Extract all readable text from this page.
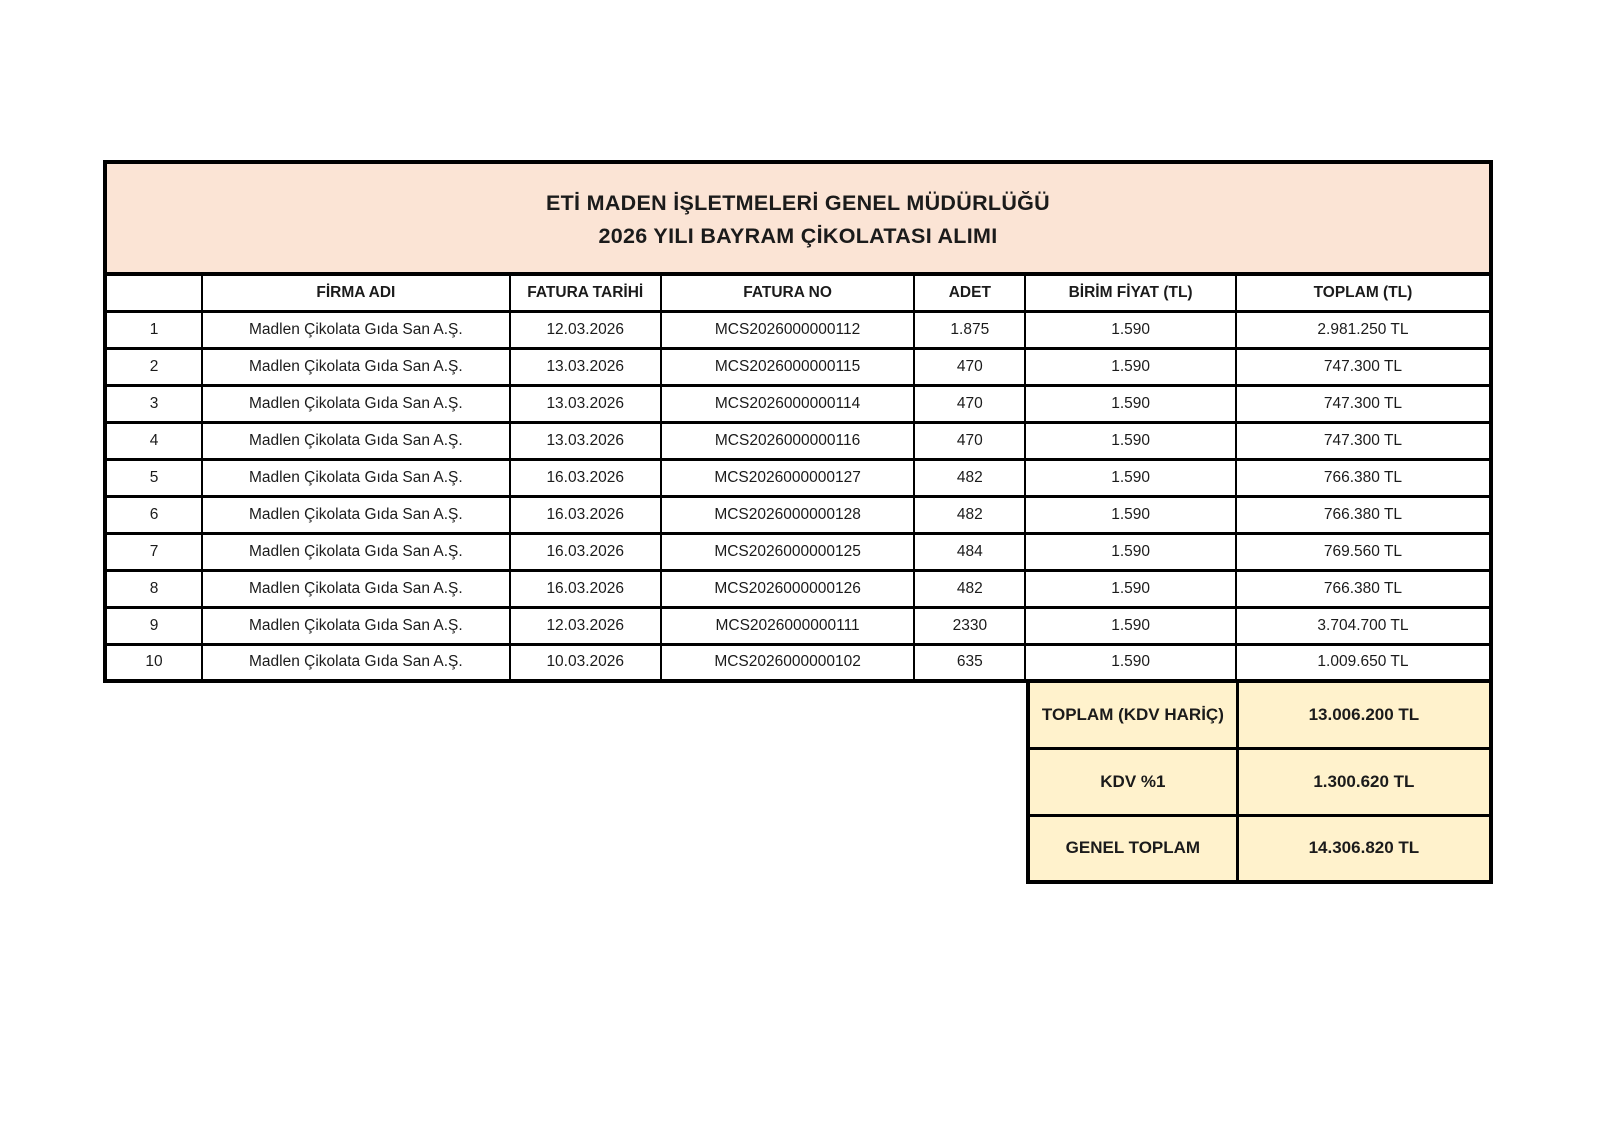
ETİ MADEN İŞLETMELERİ GENEL MÜDÜRLÜĞÜ
2026 YILI BAYRAM ÇİKOLATASI ALIMI
	FİRMA ADI	FATURA TARİHİ	FATURA NO	ADET	BİRİM FİYAT (TL)	TOPLAM (TL)
1	Madlen Çikolata Gıda San A.Ş.	12.03.2026	MCS2026000000112	1.875	1.590	2.981.250 TL
2	Madlen Çikolata Gıda San A.Ş.	13.03.2026	MCS2026000000115	470	1.590	747.300 TL
3	Madlen Çikolata Gıda San A.Ş.	13.03.2026	MCS2026000000114	470	1.590	747.300 TL
4	Madlen Çikolata Gıda San A.Ş.	13.03.2026	MCS2026000000116	470	1.590	747.300 TL
5	Madlen Çikolata Gıda San A.Ş.	16.03.2026	MCS2026000000127	482	1.590	766.380 TL
6	Madlen Çikolata Gıda San A.Ş.	16.03.2026	MCS2026000000128	482	1.590	766.380 TL
7	Madlen Çikolata Gıda San A.Ş.	16.03.2026	MCS2026000000125	484	1.590	769.560 TL
8	Madlen Çikolata Gıda San A.Ş.	16.03.2026	MCS2026000000126	482	1.590	766.380 TL
9	Madlen Çikolata Gıda San A.Ş.	12.03.2026	MCS2026000000111	2330	1.590	3.704.700 TL
10	Madlen Çikolata Gıda San A.Ş.	10.03.2026	MCS2026000000102	635	1.590	1.009.650 TL
TOPLAM (KDV HARİÇ)	13.006.200 TL
KDV %1	1.300.620 TL
GENEL TOPLAM	14.306.820 TL
